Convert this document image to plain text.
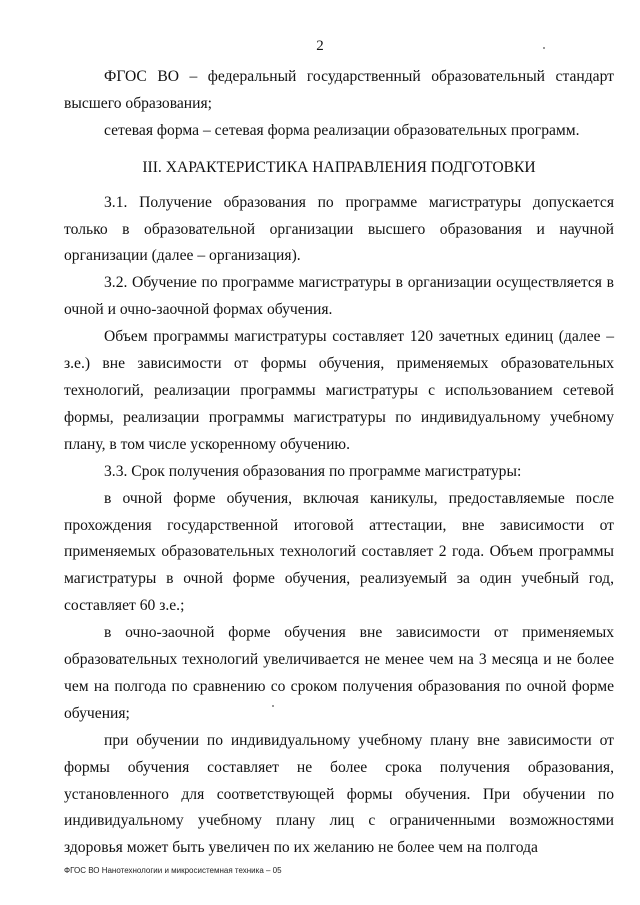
2

ФГОС ВО – федеральный государственный образовательный стандарт высшего образования;

сетевая форма – сетевая форма реализации образовательных программ.

III. ХАРАКТЕРИСТИКА НАПРАВЛЕНИЯ ПОДГОТОВКИ

3.1. Получение образования по программе магистратуры допускается только в образовательной организации высшего образования и научной организации (далее – организация).

3.2. Обучение по программе магистратуры в организации осуществляется в очной и очно-заочной формах обучения.

Объем программы магистратуры составляет 120 зачетных единиц (далее – з.е.) вне зависимости от формы обучения, применяемых образовательных технологий, реализации программы магистратуры с использованием сетевой формы, реализации программы магистратуры по индивидуальному учебному плану, в том числе ускоренному обучению.

3.3. Срок получения образования по программе магистратуры:

в очной форме обучения, включая каникулы, предоставляемые после прохождения государственной итоговой аттестации, вне зависимости от применяемых образовательных технологий составляет 2 года. Объем программы магистратуры в очной форме обучения, реализуемый за один учебный год, составляет 60 з.е.;

в очно-заочной форме обучения вне зависимости от применяемых образовательных технологий увеличивается не менее чем на 3 месяца и не более чем на полгода по сравнению со сроком получения образования по очной форме обучения;

при обучении по индивидуальному учебному плану вне зависимости от формы обучения составляет не более срока получения образования, установленного для соответствующей формы обучения. При обучении по индивидуальному учебному плану лиц с ограниченными возможностями здоровья может быть увеличен по их желанию не более чем на полгода

ФГОС ВО Нанотехнологии и микросистемная техника – 05
